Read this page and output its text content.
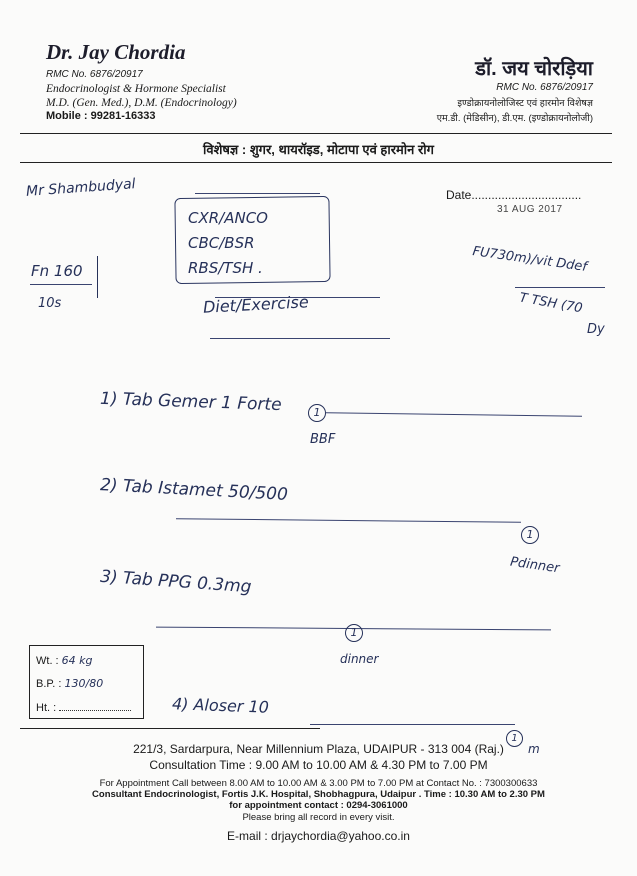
Dr. Jay Chordia
RMC No. 6876/20917
Endocrinologist & Hormone Specialist
M.D. (Gen. Med.), D.M. (Endocrinology)
Mobile : 99281-16333
डॉ. जय चोरड़िया
RMC No. 6876/20917
इण्डोक्रायनोलोजिस्ट एवं हारमोन विशेषज्ञ
एम.डी. (मेडिसीन), डी.एम. (इण्डोक्रायनोलोजी)
विशेषज्ञ : शुगर, थायरॉइड, मोटापा एवं हारमोन रोग
Mr Shambudyal	Date.................................
31 AUG 2017
CXR/ANCO
CBC/BSR
RBS/TSH .
Fn 160
10s	Diet/Exercise
FU730m)/vit Ddef
T TSH (70
Dy
1) Tab Gemer 1 Forte	1
BBF
2) Tab Istamet 50/500
1
Pdinner
3) Tab PPG 0.3mg
1
dinner
4) Aloser 10
1
m
Wt. : 64 kg
B.P. : 130/80
Ht. :
221/3, Sardarpura, Near Millennium Plaza, UDAIPUR - 313 004 (Raj.)
Consultation Time : 9.00 AM to 10.00 AM & 4.30 PM to 7.00 PM
For Appointment Call between 8.00 AM to 10.00 AM & 3.00 PM to 7.00 PM at Contact No. : 7300300633
Consultant Endocrinologist, Fortis J.K. Hospital, Shobhagpura, Udaipur . Time : 10.30 AM to 2.30 PM
for appointment contact : 0294-3061000
Please bring all record in every visit.
E-mail : drjaychordia@yahoo.co.in
